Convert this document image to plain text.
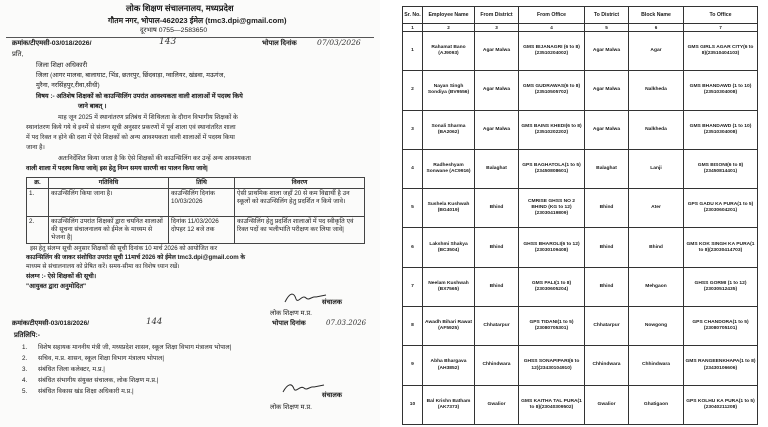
लोक शिक्षण संचालनालय, मध्यप्रदेश
गौतम नगर, भोपाल-462023 ईमेल (tmc3.dpi@gmail.com)
दूरभाष 0755—2583650
क्रमांक/टीएमसी-03/018/2026/	143	भोपाल दिनांक	07/03/2026
प्रति,
जिला शिक्षा अधिकारी
जिला (आगर मालवा, बालाघाट, भिंड, छतरपुर, छिंदवाड़ा, ग्वालियर, खंडवा, मऊगंज,
मुरैना, नरसिंहपुर,रीवा,सीधी)
विषय :- अतिशेष शिक्षकों को काउन्सिलिंग उपरांत आवश्यकता वाली शालाओं में पदस्थ किये
जाने बाबत् ।
माह जून 2025 में स्थानांतरण प्रतिबंध में शिथिलता के दौरान विभागीय शिक्षकों के
स्थानांतरण किये गये थे इनमें से संलग्न सूची अनुसार प्रकरणों में पूर्व शाला एवं स्थानांतरित शाला
में पद रिक्त न होने की दशा में ऐसे शिक्षकों को अन्य आवश्यकता वाली शालाओं में पदस्थ किया
जाना है।
अतःनिर्देशित किया जाता है कि ऐसे शिक्षकों की काउन्सिलिंग कर उन्हें अन्य आवश्यकता
वाली शाला में पदस्थ किया जावे| इस हेतु निम्न समय सारणी का पालन किया जावे|
क्र.	गतिविधि	तिथि	विवरण
1.	काउन्सिलिंग किया जाना है।	काउन्सिलिंग दिनांक 10/03/2026	ऐसी प्राथमिक शाला जहाँ 20 से कम विद्यार्थी है उन स्कूलों को काउन्सिलिंग हेतु प्रदर्शित न किये जावे।
2.	काउन्सिलिंग उपरांत शिक्षकों द्वारा चयनित शालाओं की सूचना संचालनालय को ईमेल के माध्यम से भेजना है|	दिनांक 11/03/2026 दोपहर 12 बजे तक	काउन्सिलिंग हेतु प्रदर्शित शालाओं में पद स्वीकृति एवं रिक्त पदों का भलीभांति परीक्षण कर लिया जावे|
इस हेतु संलग्न सूची अनुसार शिक्षकों की सूची दिनांक 10 मार्च 2026 को आयोजित कर
काउन्सिलिंग की जाकर संशोधित उपरांत सूची 11मार्च 2026 को ईमेल tmc3.dpi@gmail.com के
माध्यम से संचालनालय को प्रेषित करें। समय-सीमा का विशेष ध्यान रखें।
संलग्न :- ऐसे शिक्षकों की सूची।
"आयुक्त द्वारा अनुमोदित"
संचालक
लोक शिक्षण म.प्र.
क्रमांक/टीएमसी-03/018/2026/	144	भोपाल दिनांक	07.03.2026
प्रतिलिपि:-
1. विशेष सहायक माननीय मंत्री जी, मध्यप्रदेश शासन, स्कूल शिक्षा विभाग मंत्रालय भोपाल|
2. सचिव, म.प्र. शासन, स्कूल शिक्षा विभाग मंत्रालय भोपाल|
3. संबंधित जिला कलेक्टर, म.प्र.|
4. संबंधित संभागीय संयुक्त संचालक, लोक शिक्षण म.प्र.|
5. संबंधित विकास खंड शिक्षा अधिकारी म.प्र.|
संचालक
लोक शिक्षण म.प्र.
Sr. No.	Employee Name	From District	From Office	To District	Block Name	To Office
1	2	3	4	5	6	7
1	Rahamat Bano (AJ9093)	Agar Malwa	GMS BIJANAGRI (6 to 8)(23510204002)	Agar Malwa	Agar	GMS GIRLS AGAR CITY(6 to 8)(23510404103)
2	Nayan Singh Sondiya (BV9556)	Agar Malwa	GMS GUDRAWAS(6 to 8)(23510505702)	Agar Malwa	Nalkheda	GMS BHANDAWD (1 to 10)(23510304008)
3	Sonali Sharma (BA2062)	Agar Malwa	GMS BAINS KHEDI(6 to 8)(23510202202)	Agar Malwa	Nalkheda	GMS BHANDAWD (1 to 10)(23510304008)
4	Radheshyam Sonwane (AC9916)	Balaghat	GPS BAGHATOLA(1 to 5)(23450808601)	Balaghat	Lanji	GMS BISONI(6 to 8)(23450814401)
5	Sushela Kushwah (BG4019)	Bhind	CMRISE GHSS NO 2 BHIND (KG to 12)(23030419809)	Bhind	Ater	GPS GADU KA PURA(1 to 5)(23030604201)
6	Lakshmi Shakya (BC3504)	Bhind	GHSS BHAROLI(6 to 12)(23030109408)	Bhind	Bhind	GMS KOK SINGH KA PURA(1 to 8)(23030414703)
7	Neelam Kushwah (BX7565)	Bhind	GMS PALI(1 to 8)(23030605204)	Bhind	Mehgaon	GHSS GORMI (1 to 12)(23030512435)
8	Awadh Bihari Rawat (AF5925)	Chhatarpur	GPS TIDANI(1 to 5)(23080705301)	Chhatarpur	Nowgong	GPS CHANDORA(1 to 5)(23080705101)
9	Abha Bhargava (AH3852)	Chhindwara	GHSS SONAPIPARI(6 to 12)(23430104910)	Chhindwara	Chhindwara	GMS RANGEENKHAPA(1 to 8)(23430106606)
10	Bal Krishn Batham (AK7373)	Gwalior	GMS KAITHA TAL PURA(1 to 8)(23040309502)	Gwalior	Ghatigaon	GPS KOLHU KA PURA(1 to 5)(23040211208)
